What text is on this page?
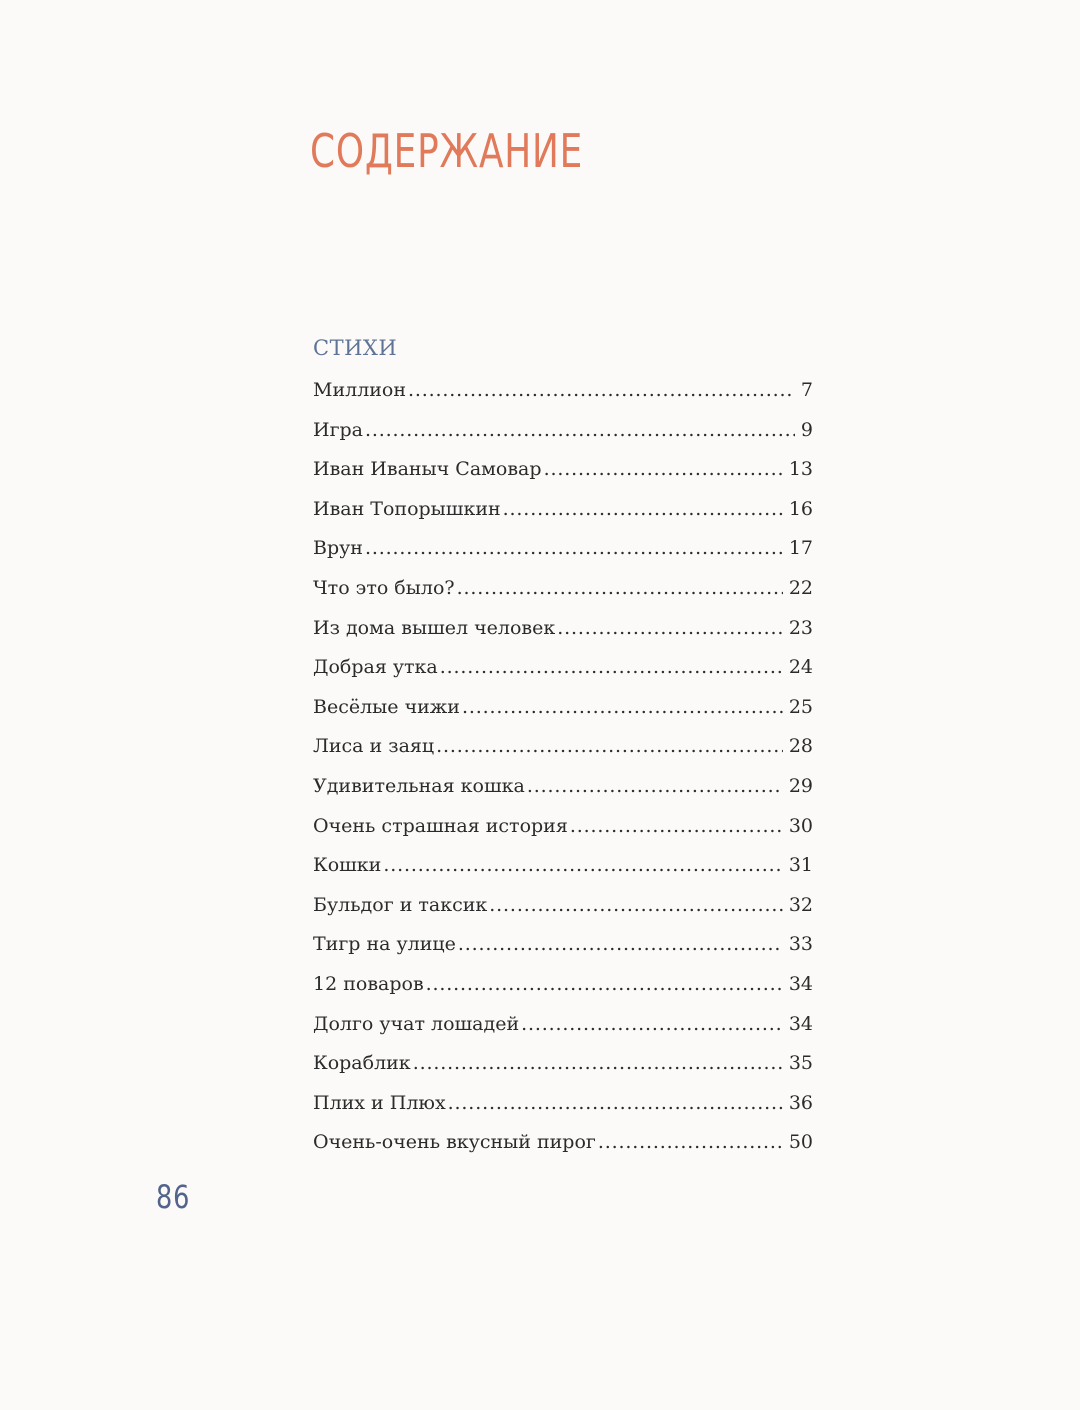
СОДЕРЖАНИЕ
СТИХИ
Миллион . . .	7
Игра . . .	9
Иван Иваныч Самовар . . .	13
Иван Топорышкин . . .	16
Врун . . .	17
Что это было? . . .	22
Из дома вышел человек . . .	23
Добрая утка . . .	24
Весёлые чижи . . .	25
Лиса и заяц . . .	28
Удивительная кошка . . .	29
Очень страшная история . . .	30
Кошки . . .	31
Бульдог и таксик . . .	32
Тигр на улице . . .	33
12 поваров . . .	34
Долго учат лошадей . . .	34
Кораблик . . .	35
Плих и Плюх . . .	36
Очень-очень вкусный пирог . . .	50
86
